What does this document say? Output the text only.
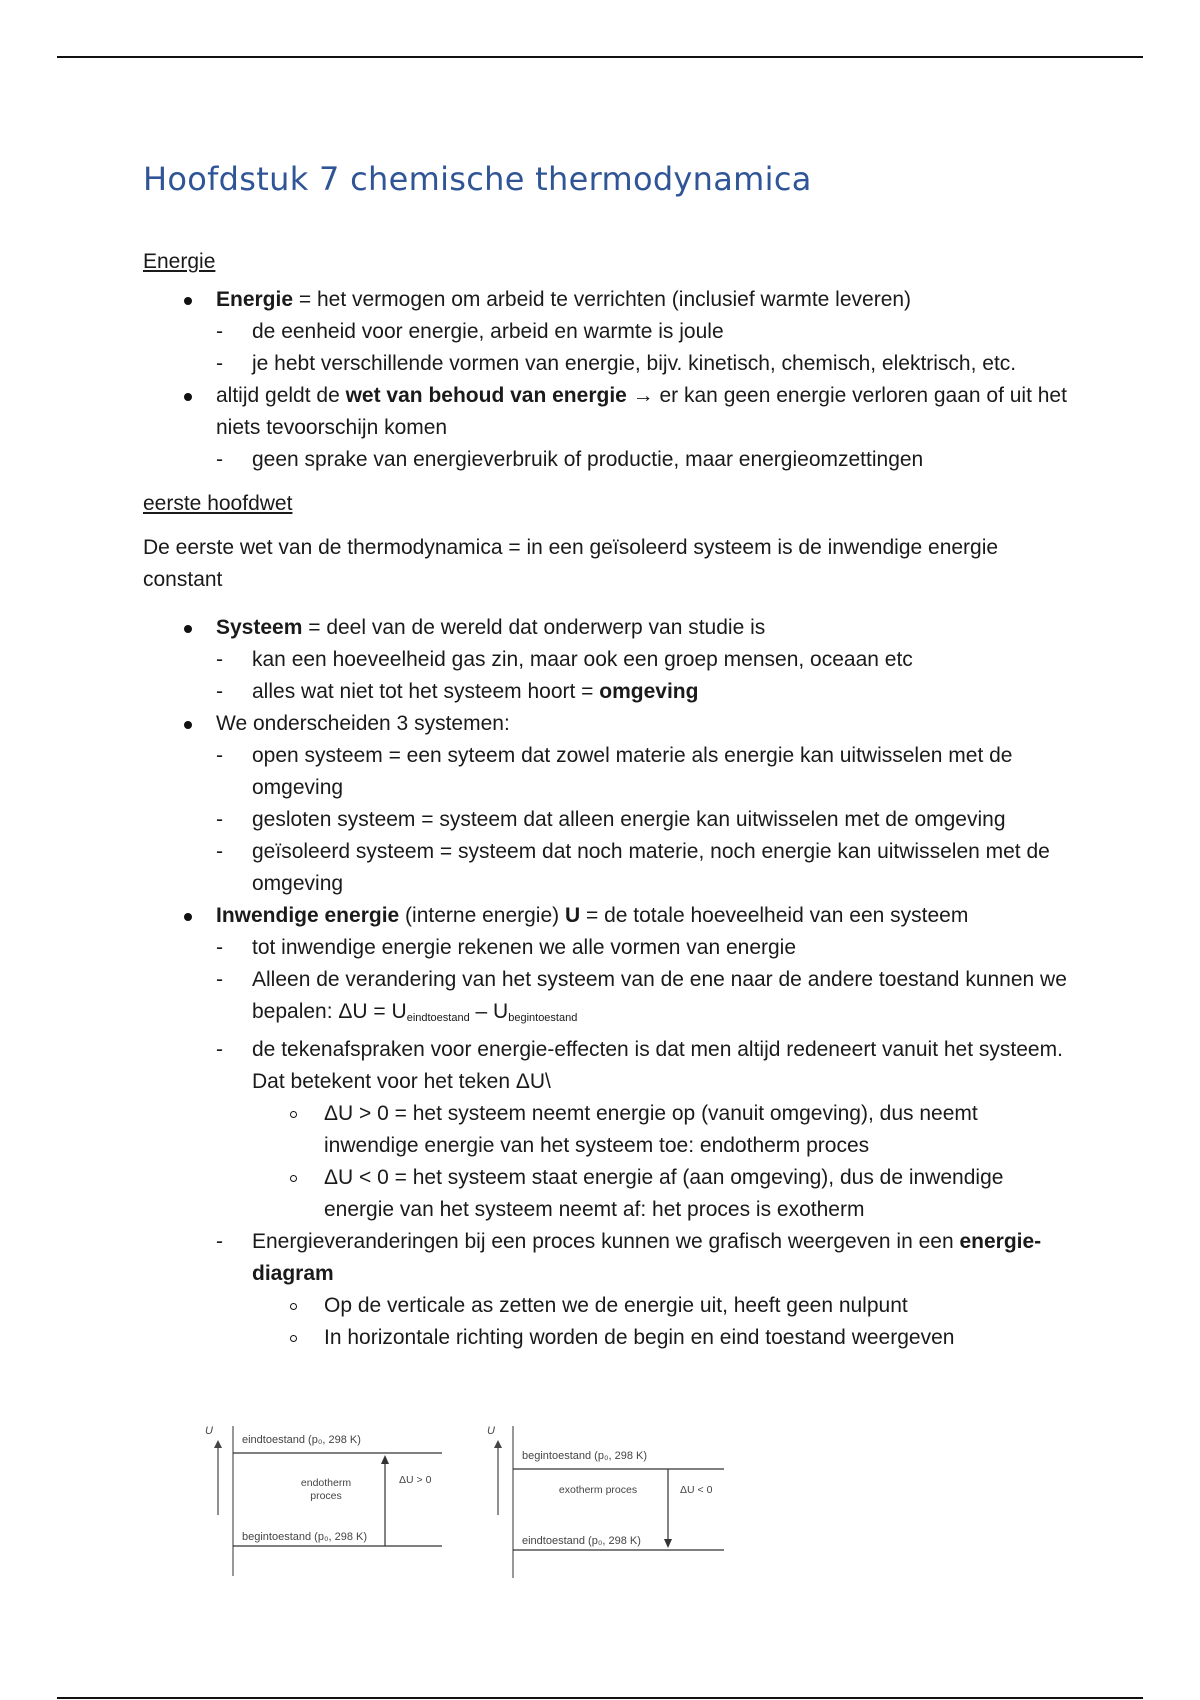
Hoofdstuk 7 chemische thermodynamica
Energie
Energie = het vermogen om arbeid te verrichten (inclusief warmte leveren)
- de eenheid voor energie, arbeid en warmte is joule
- je hebt verschillende vormen van energie, bijv. kinetisch, chemisch, elektrisch, etc.
altijd geldt de wet van behoud van energie → er kan geen energie verloren gaan of uit het niets tevoorschijn komen
- geen sprake van energieverbruik of productie, maar energieomzettingen
eerste hoofdwet
De eerste wet van de thermodynamica = in een geïsoleerd systeem is de inwendige energie constant
Systeem = deel van de wereld dat onderwerp van studie is
- kan een hoeveelheid gas zin, maar ook een groep mensen, oceaan etc
- alles wat niet tot het systeem hoort = omgeving
We onderscheiden 3 systemen:
- open systeem = een syteem dat zowel materie als energie kan uitwisselen met de omgeving
- gesloten systeem = systeem dat alleen energie kan uitwisselen met de omgeving
- geïsoleerd systeem = systeem dat noch materie, noch energie kan uitwisselen met de omgeving
Inwendige energie (interne energie) U = de totale hoeveelheid van een systeem
- tot inwendige energie rekenen we alle vormen van energie
- Alleen de verandering van het systeem van de ene naar de andere toestand kunnen we bepalen: $\Delta U = U_{eindtoestand} - U_{begintoestand}$
- de tekenafspraken voor energie-effecten is dat men altijd redeneert vanuit het systeem. Dat betekent voor het teken ΔU\
ΔU > 0 = het systeem neemt energie op (vanuit omgeving), dus neemt inwendige energie van het systeem toe: endotherm proces
ΔU < 0 = het systeem staat energie af (aan omgeving), dus de inwendige energie van het systeem neemt af: het proces is exotherm
- Energieveranderingen bij een proces kunnen we grafisch weergeven in een energie-diagram
Op de verticale as zetten we de energie uit, heeft geen nulpunt
In horizontale richting worden de begin en eind toestand weergeven
U
eindtoestand (p₀, 298 K)
begintoestand (p₀, 298 K)
endotherm
proces
ΔU > 0
U
begintoestand (p₀, 298 K)
eindtoestand (p₀, 298 K)
exotherm proces	ΔU < 0
